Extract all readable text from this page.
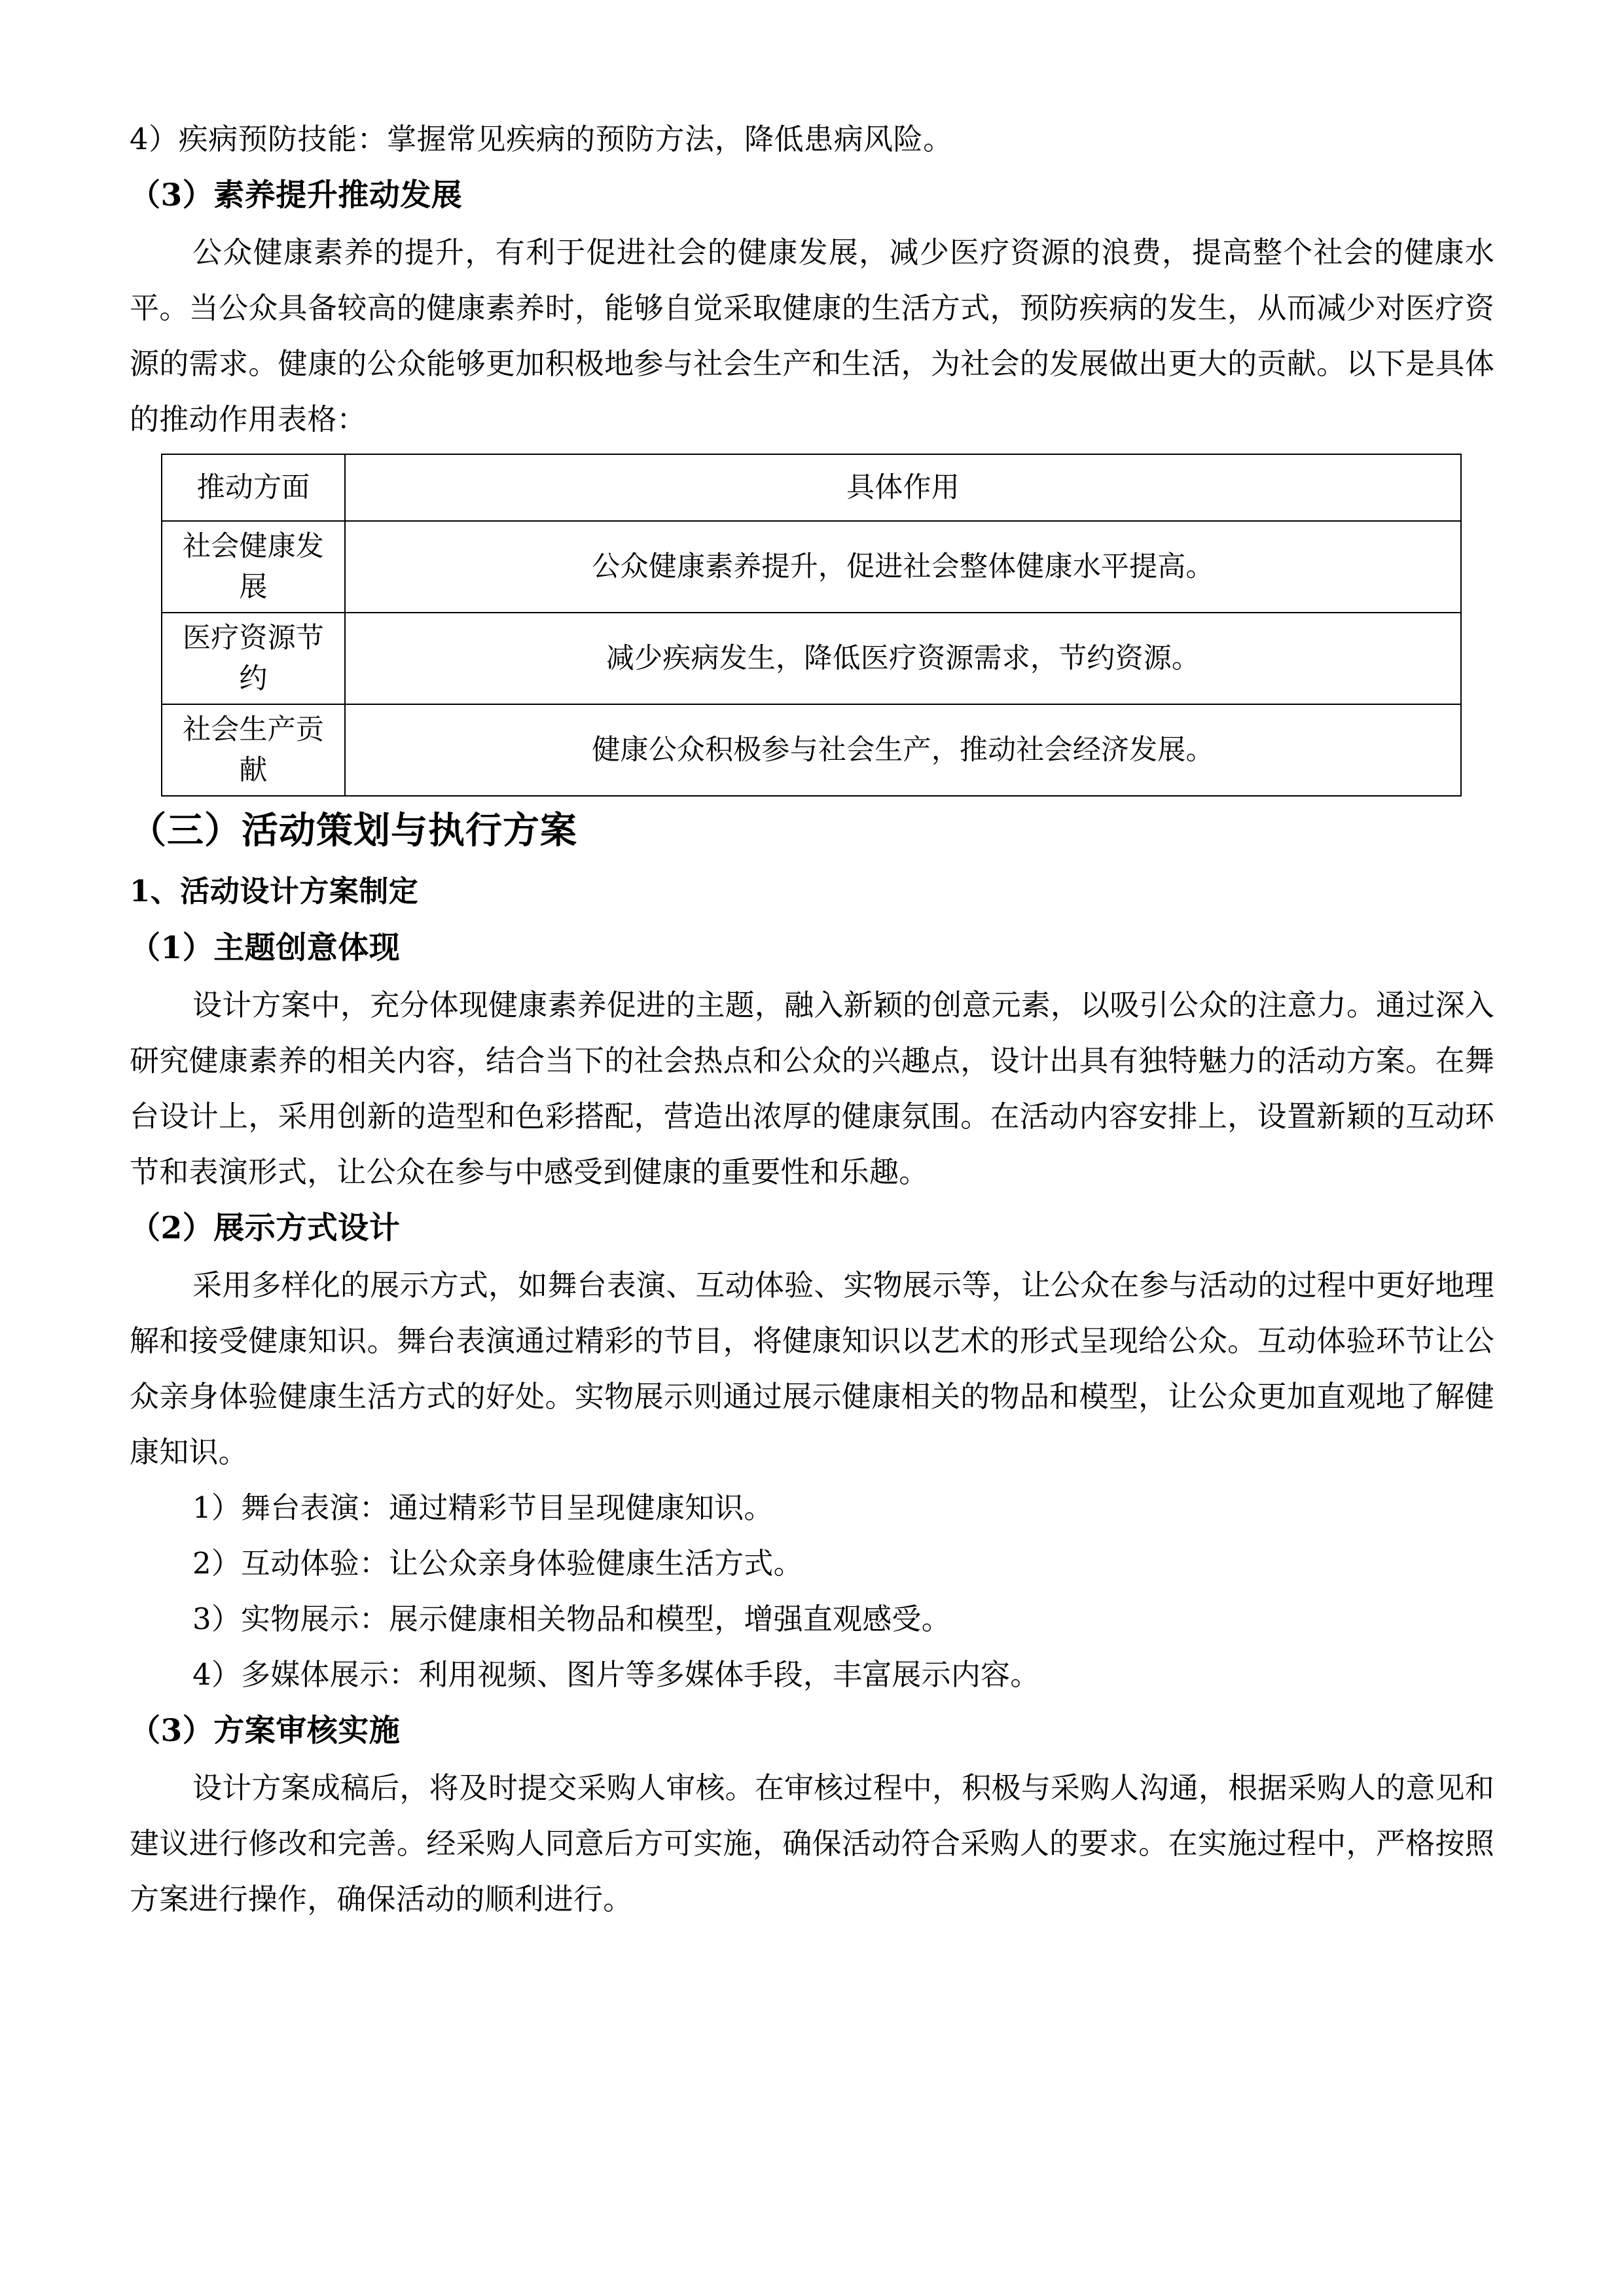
4）疾病预防技能：掌握常见疾病的预防方法，降低患病风险。
（3）素养提升推动发展

公众健康素养的提升，有利于促进社会的健康发展，减少医疗资源的浪费，提高整个社会的健康水平。当公众具备较高的健康素养时，能够自觉采取健康的生活方式，预防疾病的发生，从而减少对医疗资源的需求。健康的公众能够更加积极地参与社会生产和生活，为社会的发展做出更大的贡献。以下是具体的推动作用表格：

推动方面	具体作用
社会健康发展	公众健康素养提升，促进社会整体健康水平提高。
医疗资源节约	减少疾病发生，降低医疗资源需求，节约资源。
社会生产贡献	健康公众积极参与社会生产，推动社会经济发展。
（三）活动策划与执行方案
1、活动设计方案制定
（1）主题创意体现

设计方案中，充分体现健康素养促进的主题，融入新颖的创意元素，以吸引公众的注意力。通过深入研究健康素养的相关内容，结合当下的社会热点和公众的兴趣点，设计出具有独特魅力的活动方案。在舞台设计上，采用创新的造型和色彩搭配，营造出浓厚的健康氛围。在活动内容安排上，设置新颖的互动环节和表演形式，让公众在参与中感受到健康的重要性和乐趣。

（2）展示方式设计

采用多样化的展示方式，如舞台表演、互动体验、实物展示等，让公众在参与活动的过程中更好地理解和接受健康知识。舞台表演通过精彩的节目，将健康知识以艺术的形式呈现给公众。互动体验环节让公众亲身体验健康生活方式的好处。实物展示则通过展示健康相关的物品和模型，让公众更加直观地了解健康知识。

1）舞台表演：通过精彩节目呈现健康知识。
2）互动体验：让公众亲身体验健康生活方式。
3）实物展示：展示健康相关物品和模型，增强直观感受。
4）多媒体展示：利用视频、图片等多媒体手段，丰富展示内容。
（3）方案审核实施

设计方案成稿后，将及时提交采购人审核。在审核过程中，积极与采购人沟通，根据采购人的意见和建议进行修改和完善。经采购人同意后方可实施，确保活动符合采购人的要求。在实施过程中，严格按照方案进行操作，确保活动的顺利进行。
